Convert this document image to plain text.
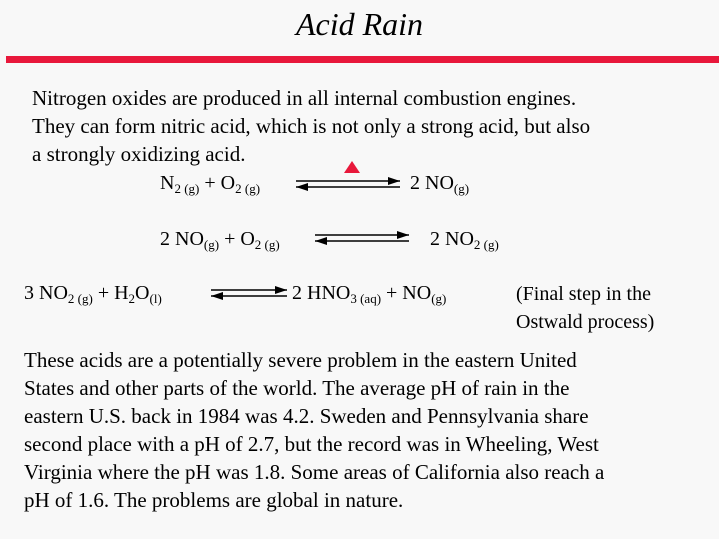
Acid Rain
Nitrogen oxides are produced in all internal combustion engines.
They can form nitric acid, which is not only a strong acid, but also
a strongly oxidizing acid.
$N_{2 (g)} + O_{2 (g)}$	2 $NO_{(g)}$
2 $NO_{(g)} + O_{2 (g)}$	2 $NO_{2 (g)}$
3 $NO_{2 (g)} + H_2O_{(l)}$	2 $HNO_{3 (aq)} + NO_{(g)}$	(Final step in the
Ostwald process)
These acids are a potentially severe problem in the eastern United
States and other parts of the world. The average pH of rain in the
eastern U.S. back in 1984 was 4.2. Sweden and Pennsylvania share
second place with a pH of 2.7, but the record was in Wheeling, West
Virginia where the pH was 1.8. Some areas of California also reach a
pH of 1.6. The problems are global in nature.
